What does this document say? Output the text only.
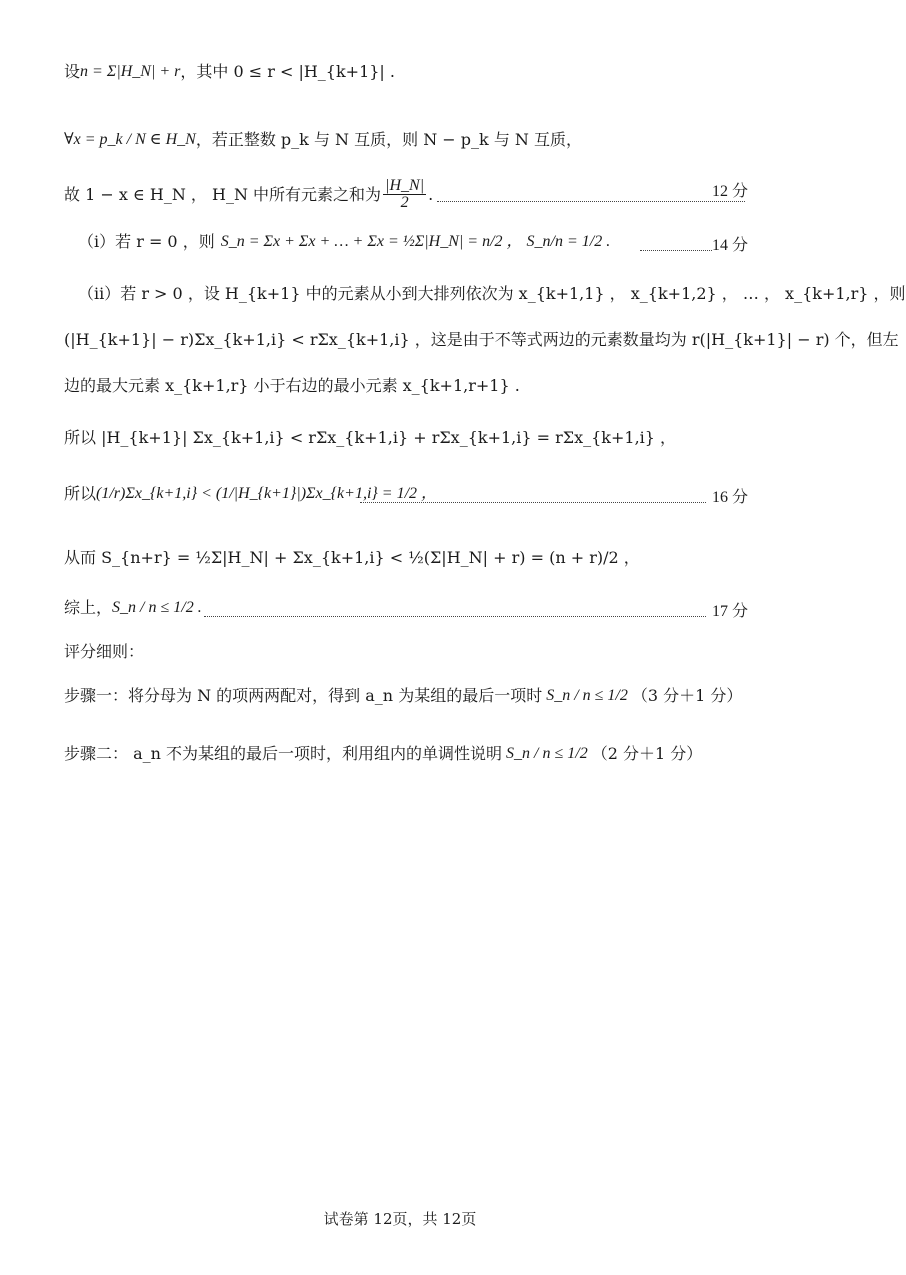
设 n = Σ|H_N| + r ，其中 0 ≤ r < |H_{k+1}| .
∀x = p_k / N ∈ H_N ，若正整数 p_k 与 N 互质，则 N − p_k 与 N 互质，
故 1 − x ∈ H_N ， H_N 中所有元素之和为 $\frac{|H\_N|}{2}$ .	12 分
（i）若 r = 0 ，则 S_n = Σx + Σx + … + Σx = ½Σ|H_N| = n/2 ， S_n/n = 1/2 .	14 分
（ii）若 r > 0 ，设 H_{k+1} 中的元素从小到大排列依次为 x_{k+1,1} ， x_{k+1,2} ， … ， x_{k+1,r} ，则
(|H_{k+1}| − r)Σx_{k+1,i} < rΣx_{k+1,i} ，这是由于不等式两边的元素数量均为 r(|H_{k+1}| − r) 个，但左
边的最大元素 x_{k+1,r} 小于右边的最小元素 x_{k+1,r+1} .
所以 |H_{k+1}| Σx_{k+1,i} < rΣx_{k+1,i} + rΣx_{k+1,i} = rΣx_{k+1,i} ，
所以 (1/r)Σx_{k+1,i} < (1/|H_{k+1}|)Σx_{k+1,i} = 1/2 ，	16 分
从而 S_{n+r} = ½Σ|H_N| + Σx_{k+1,i} < ½(Σ|H_N| + r) = (n + r)/2 ，
综上， S_n / n ≤ 1/2 .	17 分
评分细则：
步骤一：将分母为 N 的项两两配对，得到 a_n 为某组的最后一项时 S_n / n ≤ 1/2 （3 分＋1 分）
步骤二： a_n 不为某组的最后一项时，利用组内的单调性说明 S_n / n ≤ 1/2 （2 分＋1 分）
试卷第 12页，共 12页
